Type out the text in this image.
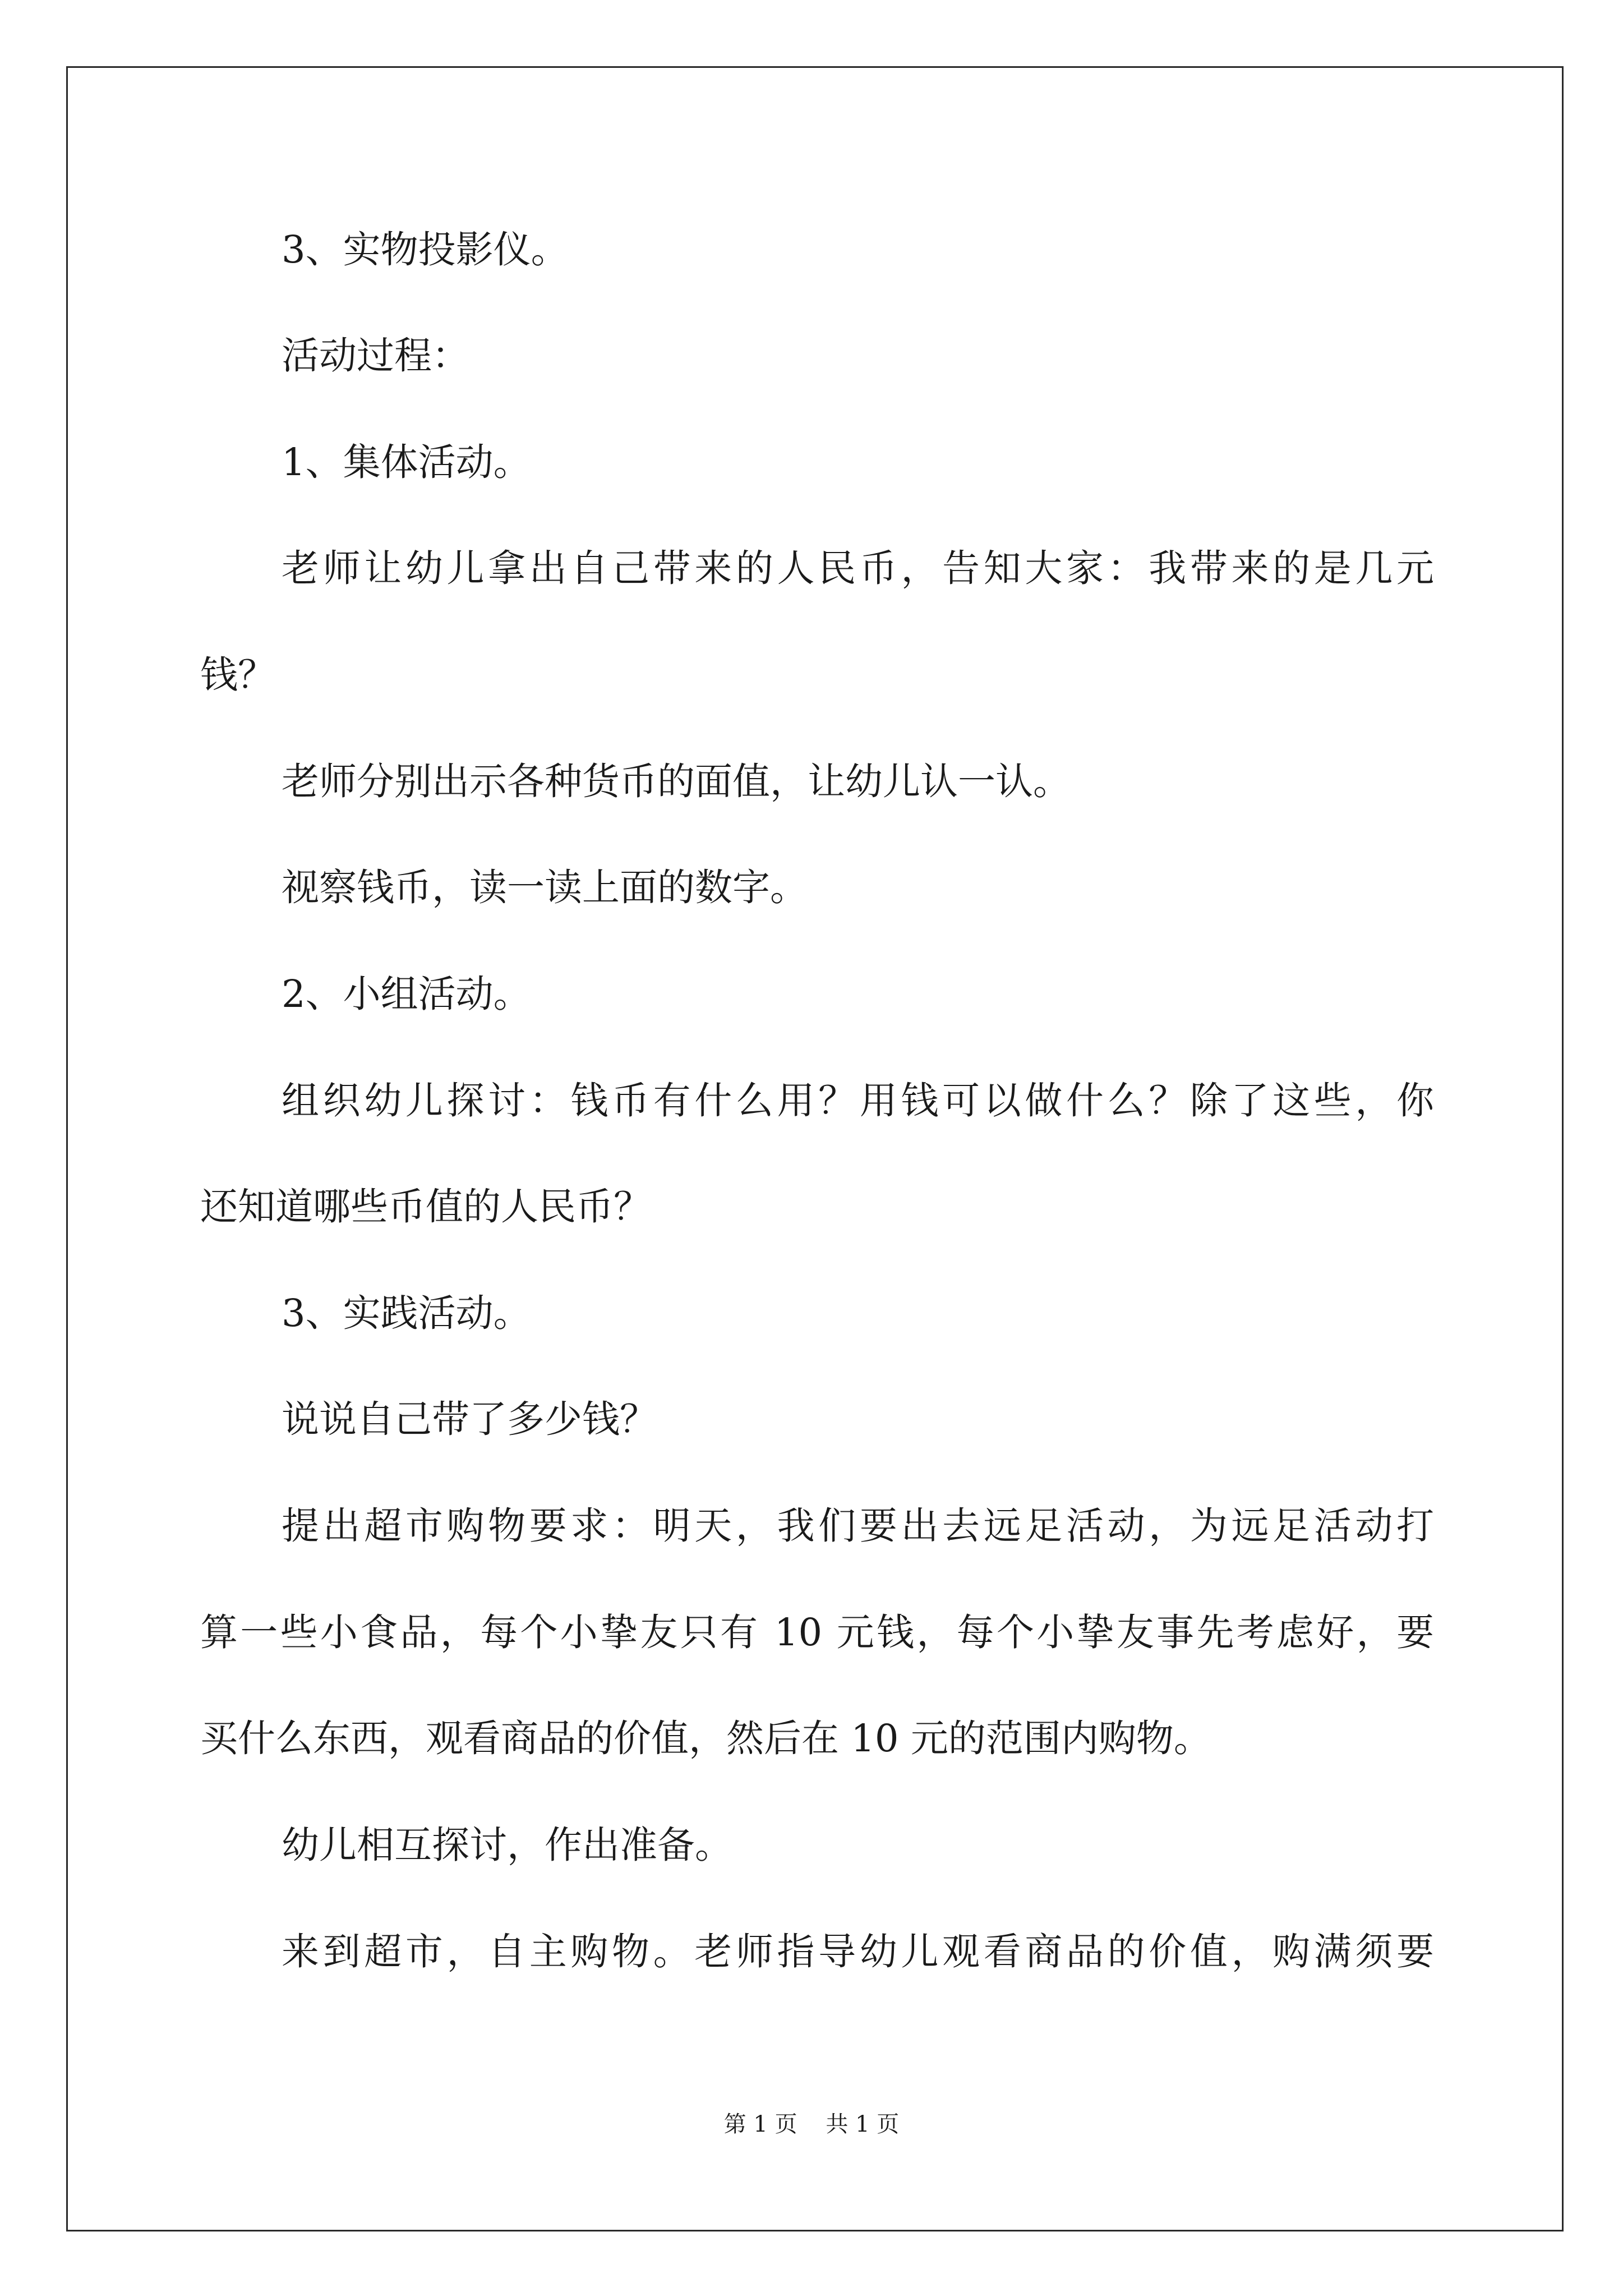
3、实物投影仪。
活动过程：
1、集体活动。
老师让幼儿拿出自己带来的人民币，告知大家：我带来的是几元
钱？
老师分别出示各种货币的面值，让幼儿认一认。
视察钱币，读一读上面的数字。
2、小组活动。
组织幼儿探讨：钱币有什么用？用钱可以做什么？除了这些，你
还知道哪些币值的人民币？
3、实践活动。
说说自己带了多少钱？
提出超市购物要求：明天，我们要出去远足活动，为远足活动打
算一些小食品，每个小挚友只有 10 元钱，每个小挚友事先考虑好，要
买什么东西，观看商品的价值，然后在 10 元的范围内购物。
幼儿相互探讨，作出准备。
来到超市，自主购物。老师指导幼儿观看商品的价值，购满须要
第 1 页    共 1 页
